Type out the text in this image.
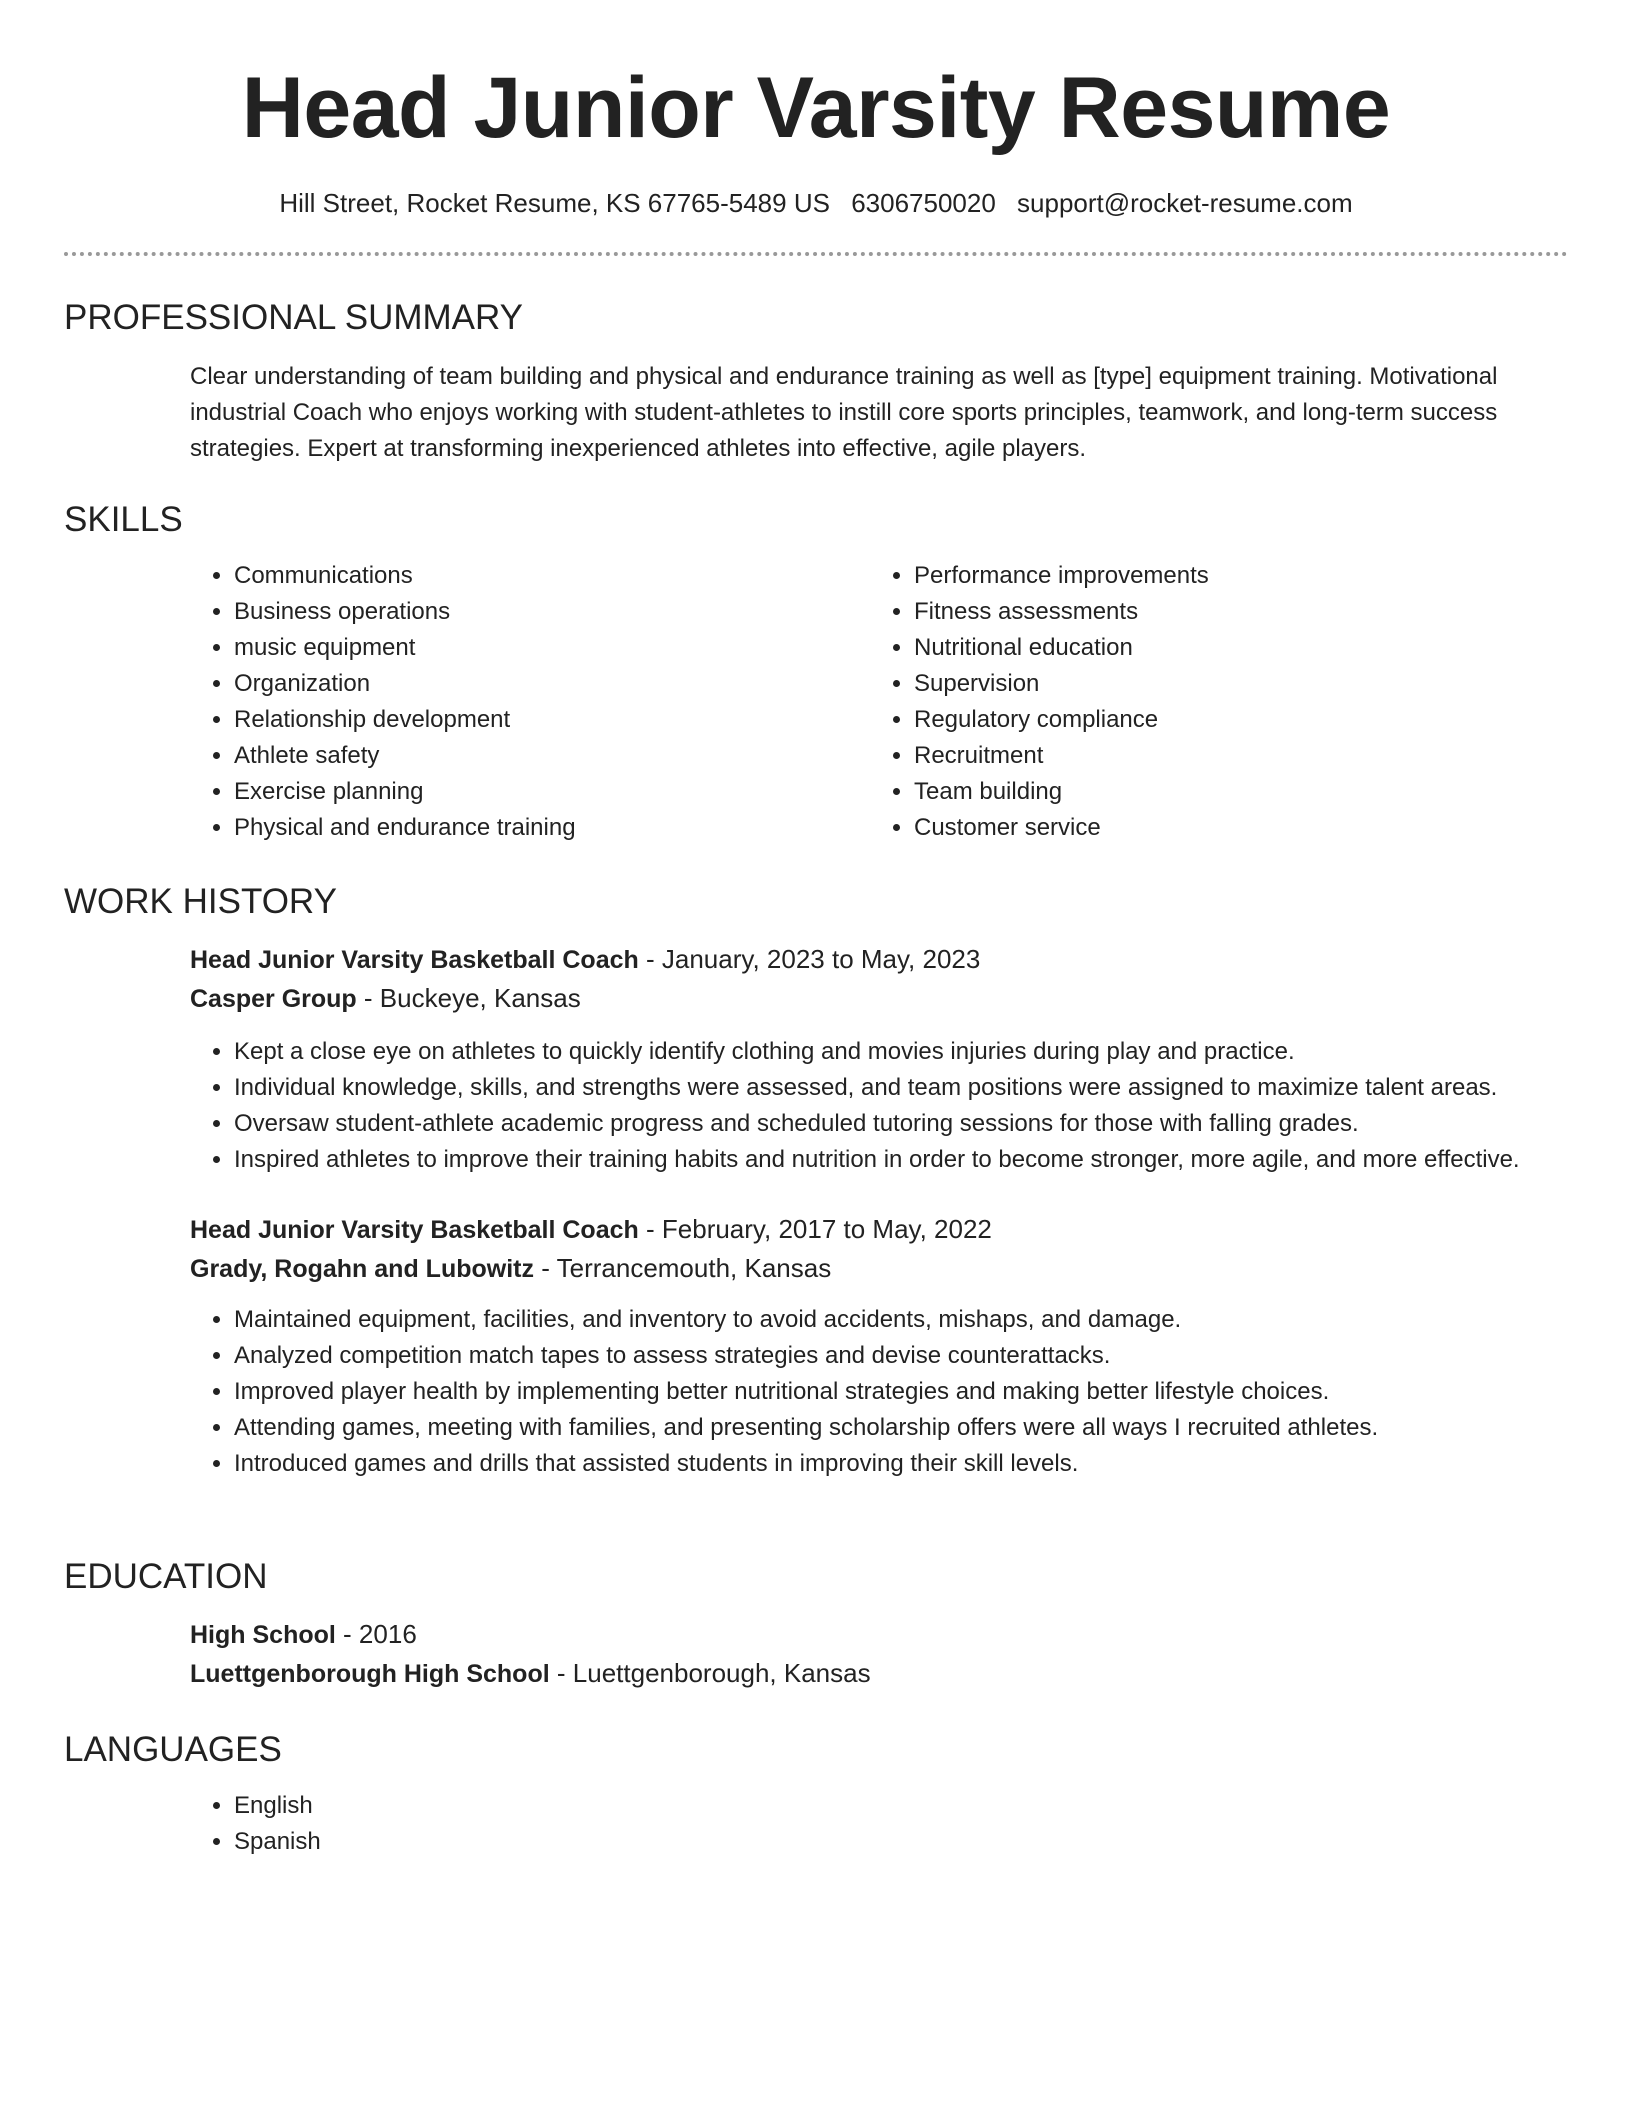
Head Junior Varsity Resume
Hill Street, Rocket Resume, KS 67765-5489 US 6306750020 support@rocket-resume.com
PROFESSIONAL SUMMARY

Clear understanding of team building and physical and endurance training as well as [type] equipment training. Motivational industrial Coach who enjoys working with student-athletes to instill core sports principles, teamwork, and long-term success strategies. Expert at transforming inexperienced athletes into effective, agile players.

SKILLS
• Communications
• Business operations
• music equipment
• Organization
• Relationship development
• Athlete safety
• Exercise planning
• Physical and endurance training
• Performance improvements
• Fitness assessments
• Nutritional education
• Supervision
• Regulatory compliance
• Recruitment
• Team building
• Customer service
WORK HISTORY
Head Junior Varsity Basketball Coach - January, 2023 to May, 2023
Casper Group - Buckeye, Kansas
• Kept a close eye on athletes to quickly identify clothing and movies injuries during play and practice.
• Individual knowledge, skills, and strengths were assessed, and team positions were assigned to maximize talent areas.
• Oversaw student-athlete academic progress and scheduled tutoring sessions for those with falling grades.
• Inspired athletes to improve their training habits and nutrition in order to become stronger, more agile, and more effective.
Head Junior Varsity Basketball Coach - February, 2017 to May, 2022
Grady, Rogahn and Lubowitz - Terrancemouth, Kansas
• Maintained equipment, facilities, and inventory to avoid accidents, mishaps, and damage.
• Analyzed competition match tapes to assess strategies and devise counterattacks.
• Improved player health by implementing better nutritional strategies and making better lifestyle choices.
• Attending games, meeting with families, and presenting scholarship offers were all ways I recruited athletes.
• Introduced games and drills that assisted students in improving their skill levels.
EDUCATION
High School - 2016
Luettgenborough High School - Luettgenborough, Kansas
LANGUAGES
• English
• Spanish
